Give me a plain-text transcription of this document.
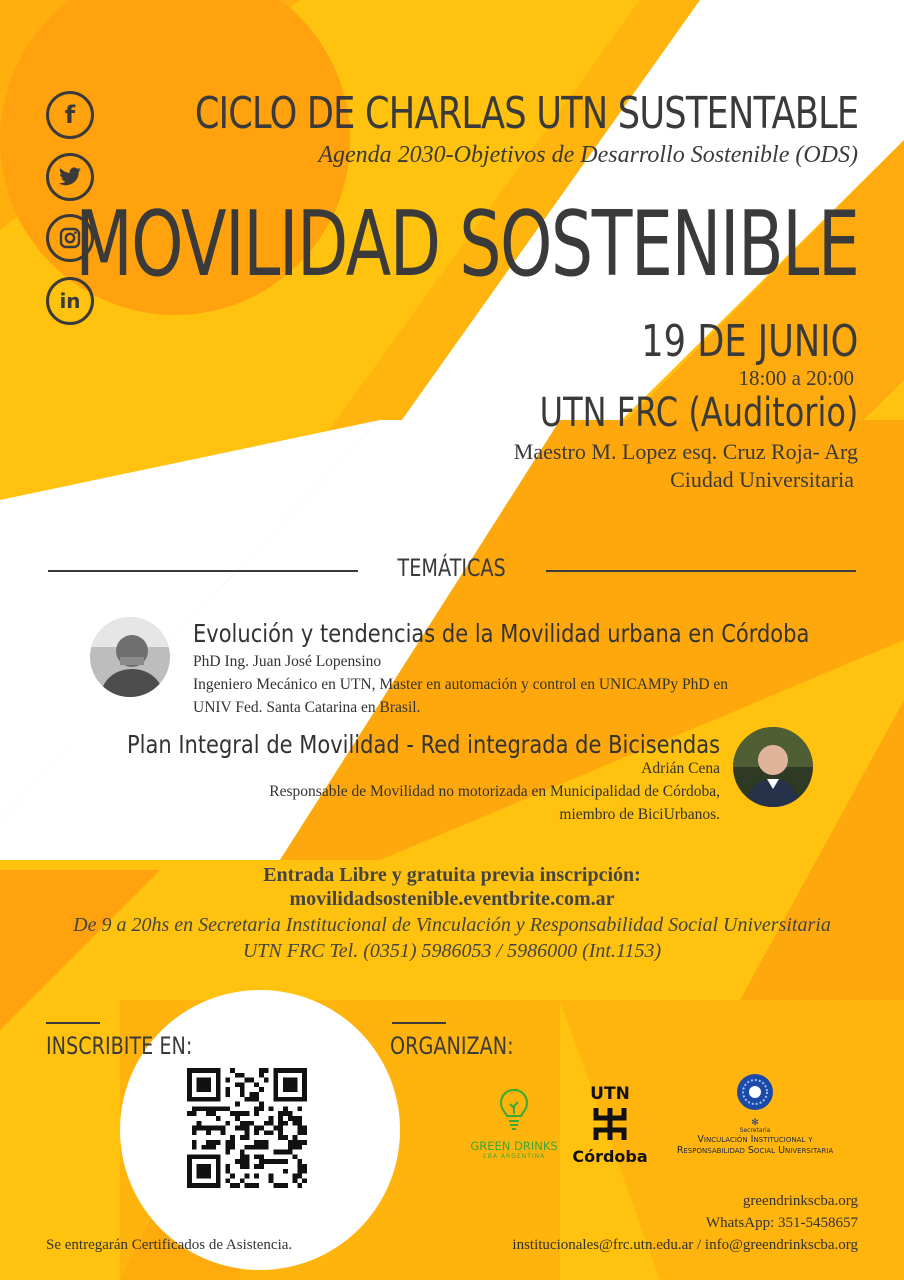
f
in
CICLO DE CHARLAS UTN SUSTENTABLE
Agenda 2030-Objetivos de Desarrollo Sostenible (ODS)
MOVILIDAD SOSTENIBLE
19 DE JUNIO
18:00 a 20:00
UTN FRC (Auditorio)
Maestro M. Lopez esq. Cruz Roja- Arg
Ciudad Universitaria
TEMÁTICAS
Evolución y tendencias de la Movilidad urbana en Córdoba
PhD Ing. Juan José Lopensino
Ingeniero Mecánico en UTN, Master en automación y control en UNICAMPy PhD en
UNIV Fed. Santa Catarina en Brasil.
Plan Integral de Movilidad - Red integrada de Bicisendas
Adrián Cena
Responsable de Movilidad no motorizada en Municipalidad de Córdoba,
miembro de BiciUrbanos.
Entrada Libre y gratuita previa inscripción:
movilidadsostenible.eventbrite.com.ar
De 9 a 20hs en Secretaria Institucional de Vinculación y Responsabilidad Social Universitaria
UTN FRC Tel. (0351) 5986053 / 5986000 (Int.1153)
INSCRIBITE EN:	ORGANIZAN:
GREEN DRINKS
CBA ARGENTINA
UTN
Córdoba
✻
Secretaria
Vinculación Institucional y
Responsabilidad Social Universitaria
Se entregarán Certificados de Asistencia.
greendrinkscba.org
WhatsApp: 351-5458657
institucionales@frc.utn.edu.ar / info@greendrinkscba.org
